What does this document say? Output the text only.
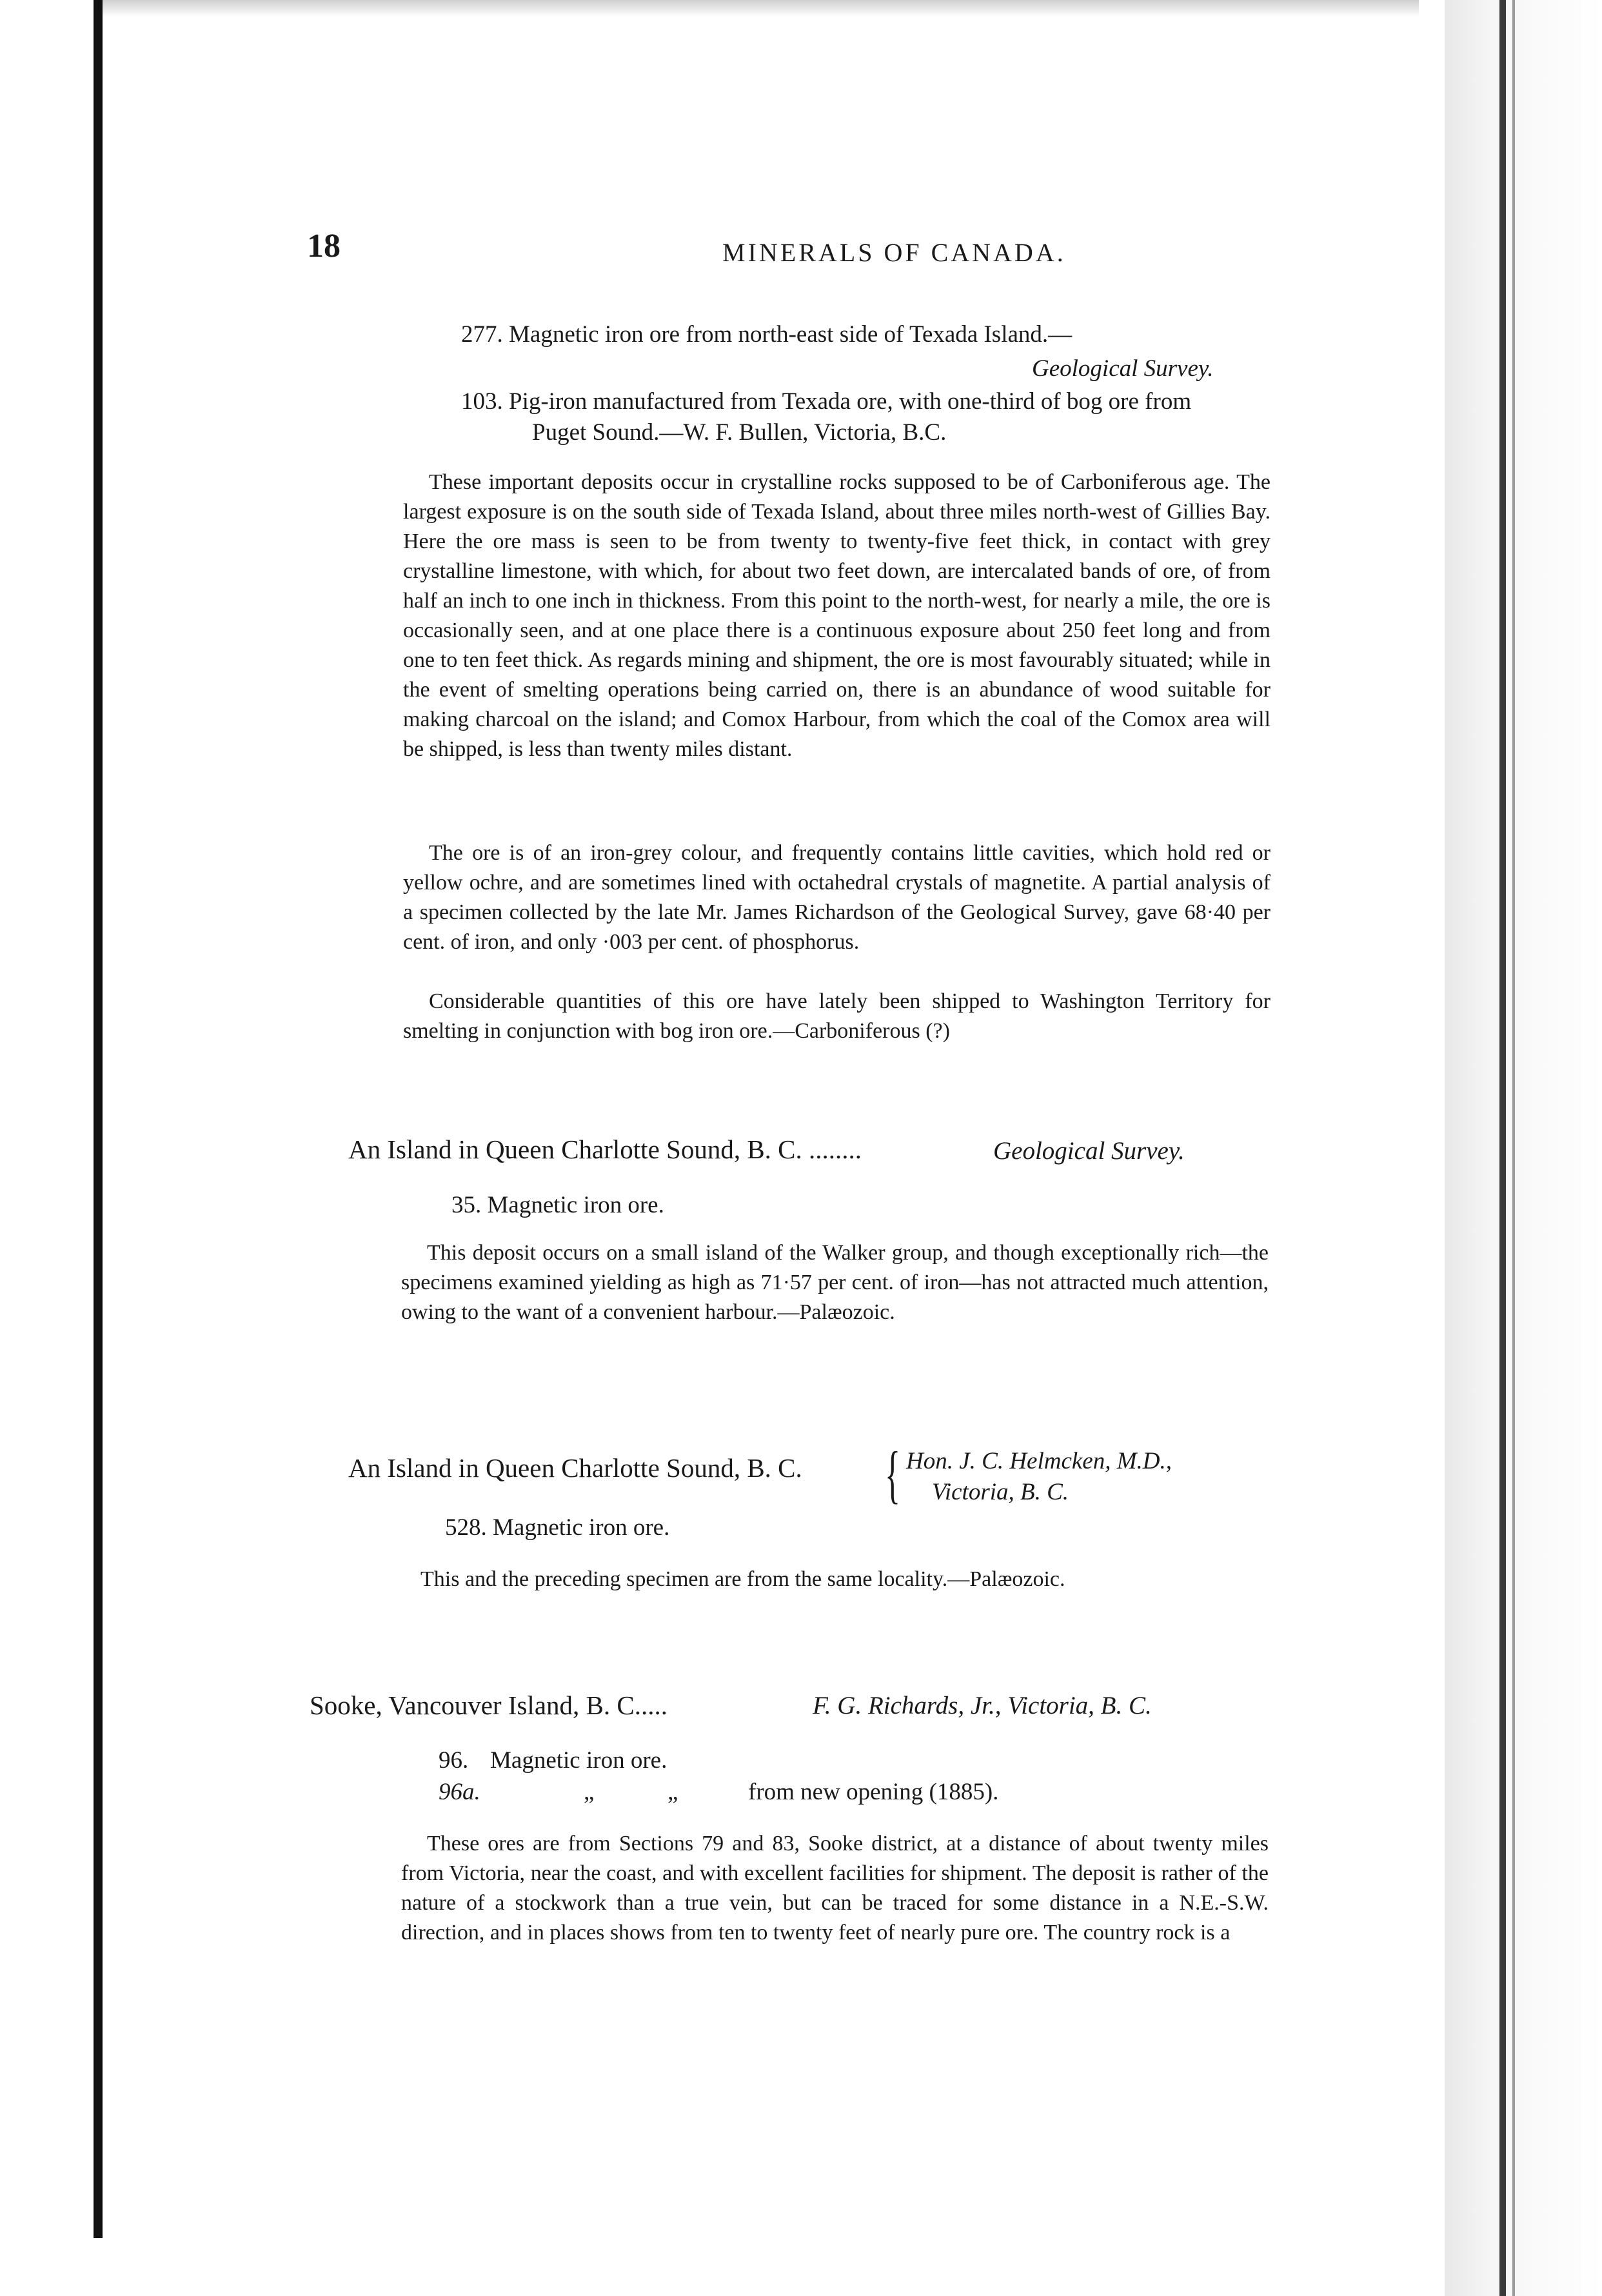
18	MINERALS OF CANADA.
277. Magnetic iron ore from north-east side of Texada Island.—
Geological Survey.
103. Pig-iron manufactured from Texada ore, with one-third of bog ore from
Puget Sound.—W. F. Bullen, Victoria, B.C.
These important deposits occur in crystalline rocks supposed to be of Carboniferous age. The largest exposure is on the south side of Texada Island, about three miles north-west of Gillies Bay. Here the ore mass is seen to be from twenty to twenty-five feet thick, in contact with grey crystalline limestone, with which, for about two feet down, are intercalated bands of ore, of from half an inch to one inch in thickness. From this point to the north-west, for nearly a mile, the ore is occasionally seen, and at one place there is a continuous exposure about 250 feet long and from one to ten feet thick. As regards mining and shipment, the ore is most favourably situated; while in the event of smelting operations being carried on, there is an abundance of wood suitable for making charcoal on the island; and Comox Harbour, from which the coal of the Comox area will be shipped, is less than twenty miles distant.
The ore is of an iron-grey colour, and frequently contains little cavities, which hold red or yellow ochre, and are sometimes lined with octahedral crystals of magnetite. A partial analysis of a specimen collected by the late Mr. James Richardson of the Geological Survey, gave 68·40 per cent. of iron, and only ·003 per cent. of phosphorus.
Considerable quantities of this ore have lately been shipped to Washington Territory for smelting in conjunction with bog iron ore.—Carboniferous (?)
An Island in Queen Charlotte Sound, B. C. ........	Geological Survey.
35. Magnetic iron ore.
This deposit occurs on a small island of the Walker group, and though exceptionally rich—the specimens examined yielding as high as 71·57 per cent. of iron—has not attracted much attention, owing to the want of a convenient harbour.—Palæozoic.
An Island in Queen Charlotte Sound, B. C. { Hon. J. C. Helmcken, M.D.,
Victoria, B. C.
528. Magnetic iron ore.
This and the preceding specimen are from the same locality.—Palæozoic.
Sooke, Vancouver Island, B. C.....	F. G. Richards, Jr., Victoria, B. C.
96. Magnetic iron ore.
96a.	„	„	from new opening (1885).
These ores are from Sections 79 and 83, Sooke district, at a distance of about twenty miles from Victoria, near the coast, and with excellent facilities for shipment. The deposit is rather of the nature of a stockwork than a true vein, but can be traced for some distance in a N.E.-S.W. direction, and in places shows from ten to twenty feet of nearly pure ore. The country rock is a
